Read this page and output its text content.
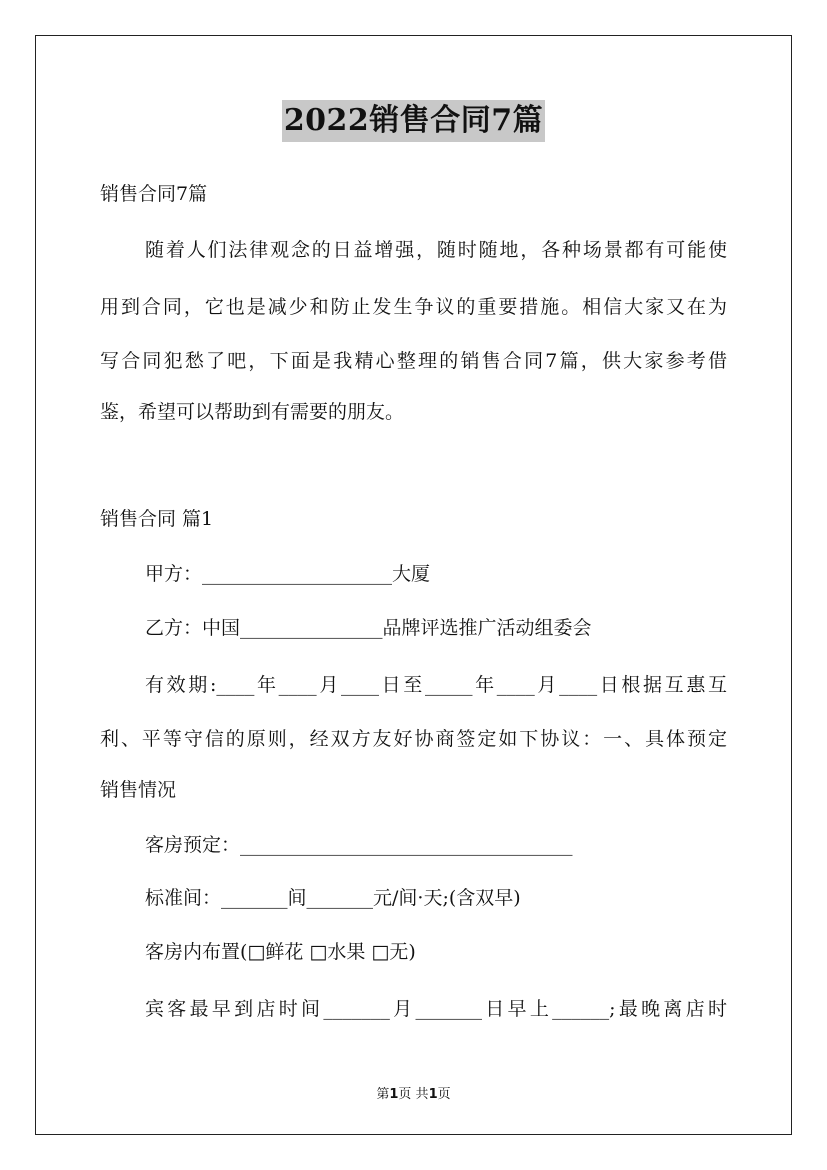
2022销售合同7篇
销售合同7篇
随着人们法律观念的日益增强，随时随地，各种场景都有可能使
用到合同，它也是减少和防止发生争议的重要措施。相信大家又在为
写合同犯愁了吧，下面是我精心整理的销售合同7篇，供大家参考借
鉴，希望可以帮助到有需要的朋友。
销售合同 篇1
甲方：____________________大厦
乙方：中国_______________品牌评选推广活动组委会
有效期:____年____月____日至_____年____月____日根据互惠互
利、平等守信的原则，经双方友好协商签定如下协议：一、具体预定
销售情况
客房预定：___________________________________
标准间：_______间_______元/间·天;(含双早)
客房内布置(□鲜花 □水果 □无)
宾客最早到店时间_______月_______日早上______;最晚离店时
第1页 共1页
